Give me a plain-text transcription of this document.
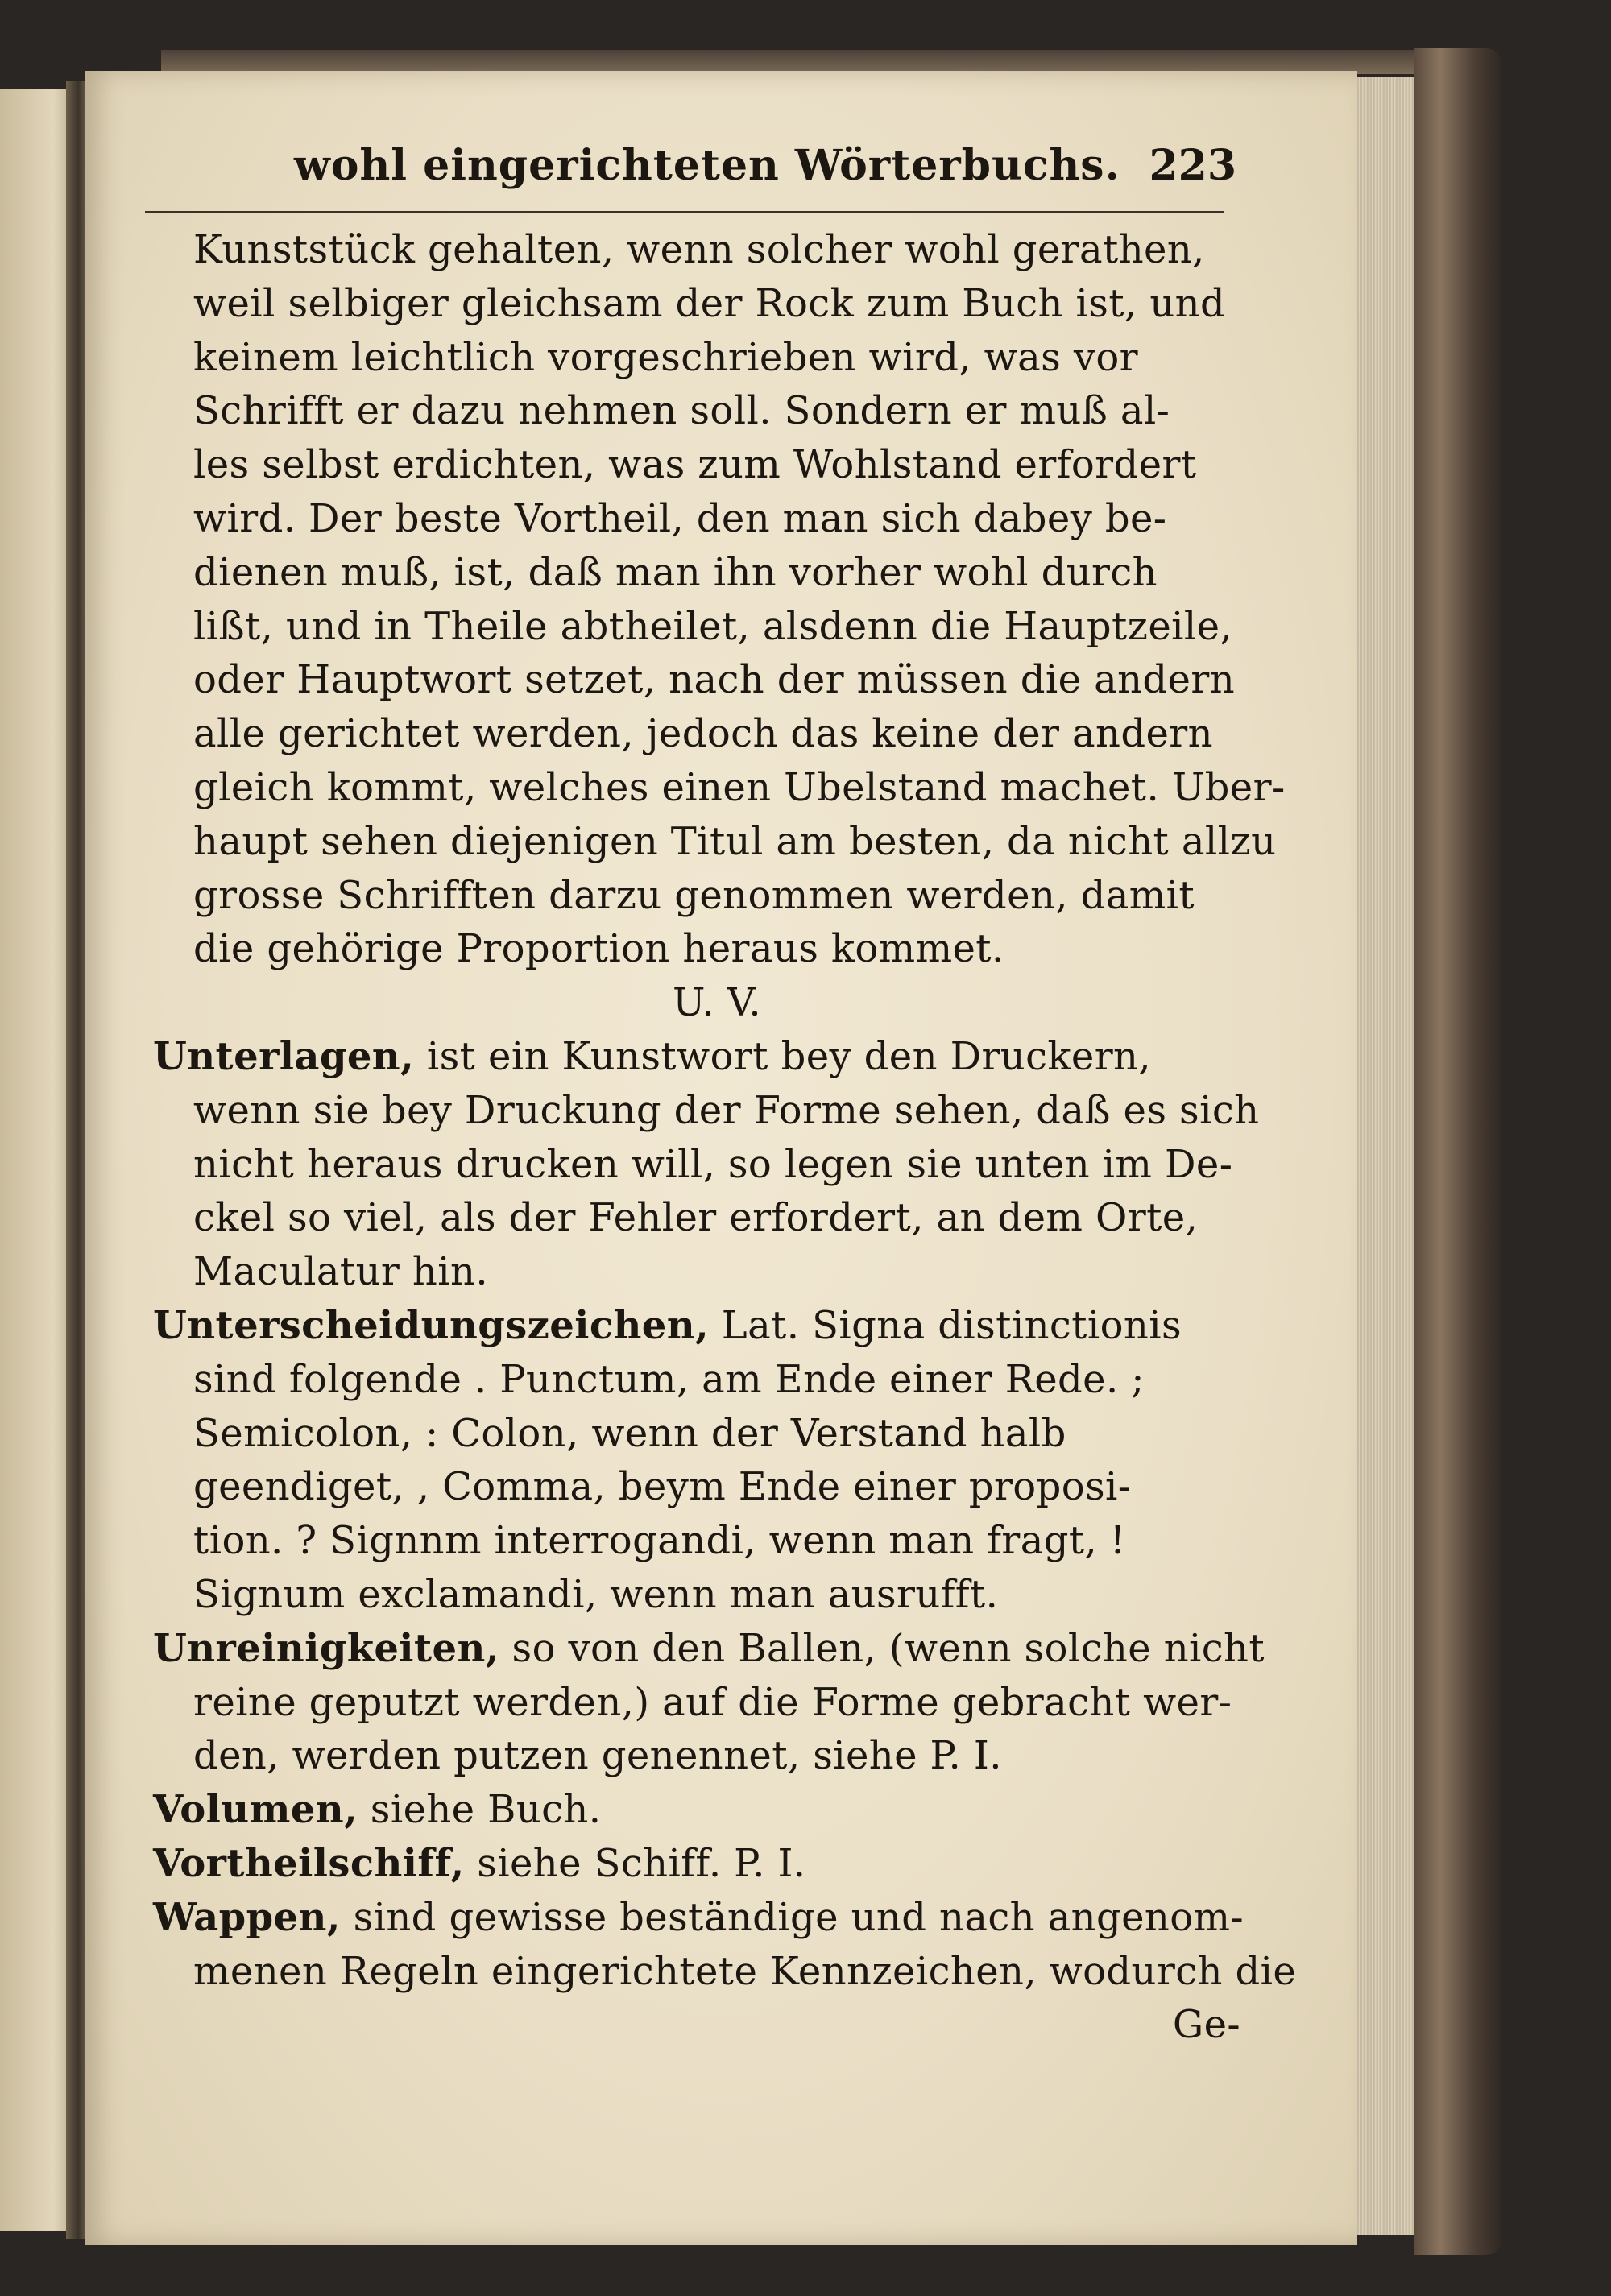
wohl eingerichteten Wörterbuchs. 223
Kunststück gehalten, wenn solcher wohl gerathen,
weil selbiger gleichsam der Rock zum Buch ist, und
keinem leichtlich vorgeschrieben wird, was vor
Schrifft er dazu nehmen soll. Sondern er muß al-
les selbst erdichten, was zum Wohlstand erfordert
wird. Der beste Vortheil, den man sich dabey be-
dienen muß, ist, daß man ihn vorher wohl durch
lißt, und in Theile abtheilet, alsdenn die Hauptzeile,
oder Hauptwort setzet, nach der müssen die andern
alle gerichtet werden, jedoch das keine der andern
gleich kommt, welches einen Ubelstand machet. Uber-
haupt sehen diejenigen Titul am besten, da nicht allzu
grosse Schrifften darzu genommen werden, damit
die gehörige Proportion heraus kommet.
U. V.
Unterlagen, ist ein Kunstwort bey den Druckern,
wenn sie bey Druckung der Forme sehen, daß es sich
nicht heraus drucken will, so legen sie unten im De-
ckel so viel, als der Fehler erfordert, an dem Orte,
Maculatur hin.
Unterscheidungszeichen, Lat. Signa distinctionis
sind folgende . Punctum, am Ende einer Rede. ;
Semicolon, : Colon, wenn der Verstand halb
geendiget, , Comma, beym Ende einer proposi-
tion. ? Signnm interrogandi, wenn man fragt, !
Signum exclamandi, wenn man ausrufft.
Unreinigkeiten, so von den Ballen, (wenn solche nicht
reine geputzt werden,) auf die Forme gebracht wer-
den, werden putzen genennet, siehe P. I.
Volumen, siehe Buch.
Vortheilschiff, siehe Schiff. P. I.
Wappen, sind gewisse beständige und nach angenom-
menen Regeln eingerichtete Kennzeichen, wodurch die
Ge-
